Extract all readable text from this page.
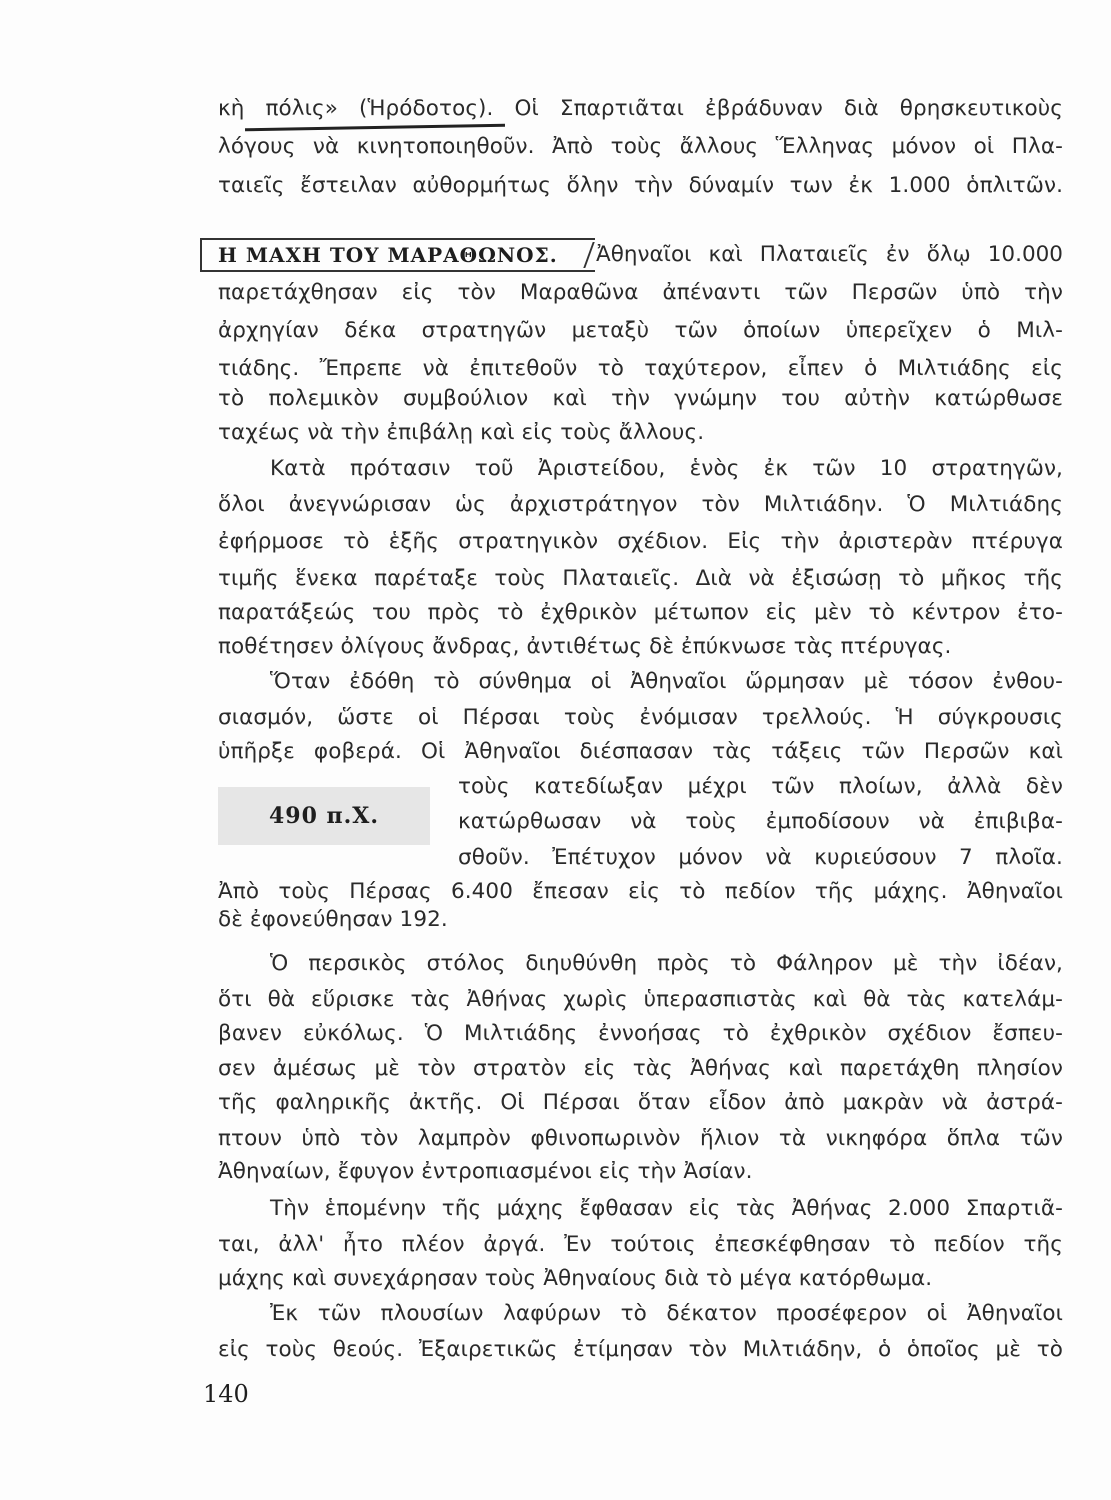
κὴ πόλις» (Ἡρόδοτος). Οἱ Σπαρτιᾶται ἐβράδυναν διὰ θρησκευτικοὺς
λόγους νὰ κινητοποιηθοῦν. Ἀπὸ τοὺς ἄλλους Ἕλληνας μόνον οἱ Πλα-
ταιεῖς ἔστειλαν αὐθορμήτως ὅλην τὴν δύναμίν των ἐκ 1.000 ὁπλιτῶν.
Η ΜΑΧΗ ΤΟΥ ΜΑΡΑΘΩΝΟΣ. Ἀθηναῖοι καὶ Πλαταιεῖς ἐν ὅλῳ 10.000
παρετάχθησαν εἰς τὸν Μαραθῶνα ἀπέναντι τῶν Περσῶν ὑπὸ τὴν
ἀρχηγίαν δέκα στρατηγῶν μεταξὺ τῶν ὁποίων ὑπερεῖχεν ὁ Μιλ-
τιάδης. Ἔπρεπε νὰ ἐπιτεθοῦν τὸ ταχύτερον, εἶπεν ὁ Μιλτιάδης εἰς
τὸ πολεμικὸν συμβούλιον καὶ τὴν γνώμην του αὐτὴν κατώρθωσε
ταχέως νὰ τὴν ἐπιβάλῃ καὶ εἰς τοὺς ἄλλους.
Κατὰ πρότασιν τοῦ Ἀριστείδου, ἑνὸς ἐκ τῶν 10 στρατηγῶν,
ὅλοι ἀνεγνώρισαν ὡς ἀρχιστράτηγον τὸν Μιλτιάδην. Ὁ Μιλτιάδης
ἐφήρμοσε τὸ ἑξῆς στρατηγικὸν σχέδιον. Εἰς τὴν ἀριστερὰν πτέρυγα
τιμῆς ἕνεκα παρέταξε τοὺς Πλαταιεῖς. Διὰ νὰ ἐξισώσῃ τὸ μῆκος τῆς
παρατάξεώς του πρὸς τὸ ἐχθρικὸν μέτωπον εἰς μὲν τὸ κέντρον ἐτο-
ποθέτησεν ὀλίγους ἄνδρας, ἀντιθέτως δὲ ἐπύκνωσε τὰς πτέρυγας.
Ὅταν ἐδόθη τὸ σύνθημα οἱ Ἀθηναῖοι ὥρμησαν μὲ τόσον ἐνθου-
σιασμόν, ὥστε οἱ Πέρσαι τοὺς ἐνόμισαν τρελλούς. Ἡ σύγκρουσις
ὑπῆρξε φοβερά. Οἱ Ἀθηναῖοι διέσπασαν τὰς τάξεις τῶν Περσῶν καὶ
490 π.Χ.
τοὺς κατεδίωξαν μέχρι τῶν πλοίων, ἀλλὰ δὲν
κατώρθωσαν νὰ τοὺς ἐμποδίσουν νὰ ἐπιβιβα-
σθοῦν. Ἐπέτυχον μόνον νὰ κυριεύσουν 7 πλοῖα.
Ἀπὸ τοὺς Πέρσας 6.400 ἔπεσαν εἰς τὸ πεδίον τῆς μάχης. Ἀθηναῖοι
δὲ ἐφονεύθησαν 192.
Ὁ περσικὸς στόλος διηυθύνθη πρὸς τὸ Φάληρον μὲ τὴν ἰδέαν,
ὅτι θὰ εὕρισκε τὰς Ἀθήνας χωρὶς ὑπερασπιστὰς καὶ θὰ τὰς κατελάμ-
βανεν εὐκόλως. Ὁ Μιλτιάδης ἐννοήσας τὸ ἐχθρικὸν σχέδιον ἔσπευ-
σεν ἀμέσως μὲ τὸν στρατὸν εἰς τὰς Ἀθήνας καὶ παρετάχθη πλησίον
τῆς φαληρικῆς ἀκτῆς. Οἱ Πέρσαι ὅταν εἶδον ἀπὸ μακρὰν νὰ ἀστρά-
πτουν ὑπὸ τὸν λαμπρὸν φθινοπωρινὸν ἥλιον τὰ νικηφόρα ὅπλα τῶν
Ἀθηναίων, ἔφυγον ἐντροπιασμένοι εἰς τὴν Ἀσίαν.
Τὴν ἑπομένην τῆς μάχης ἔφθασαν εἰς τὰς Ἀθήνας 2.000 Σπαρτιᾶ-
ται, ἀλλ' ἦτο πλέον ἀργά. Ἐν τούτοις ἐπεσκέφθησαν τὸ πεδίον τῆς
μάχης καὶ συνεχάρησαν τοὺς Ἀθηναίους διὰ τὸ μέγα κατόρθωμα.
Ἐκ τῶν πλουσίων λαφύρων τὸ δέκατον προσέφερον οἱ Ἀθηναῖοι
εἰς τοὺς θεούς. Ἐξαιρετικῶς ἐτίμησαν τὸν Μιλτιάδην, ὁ ὁποῖος μὲ τὸ
140
